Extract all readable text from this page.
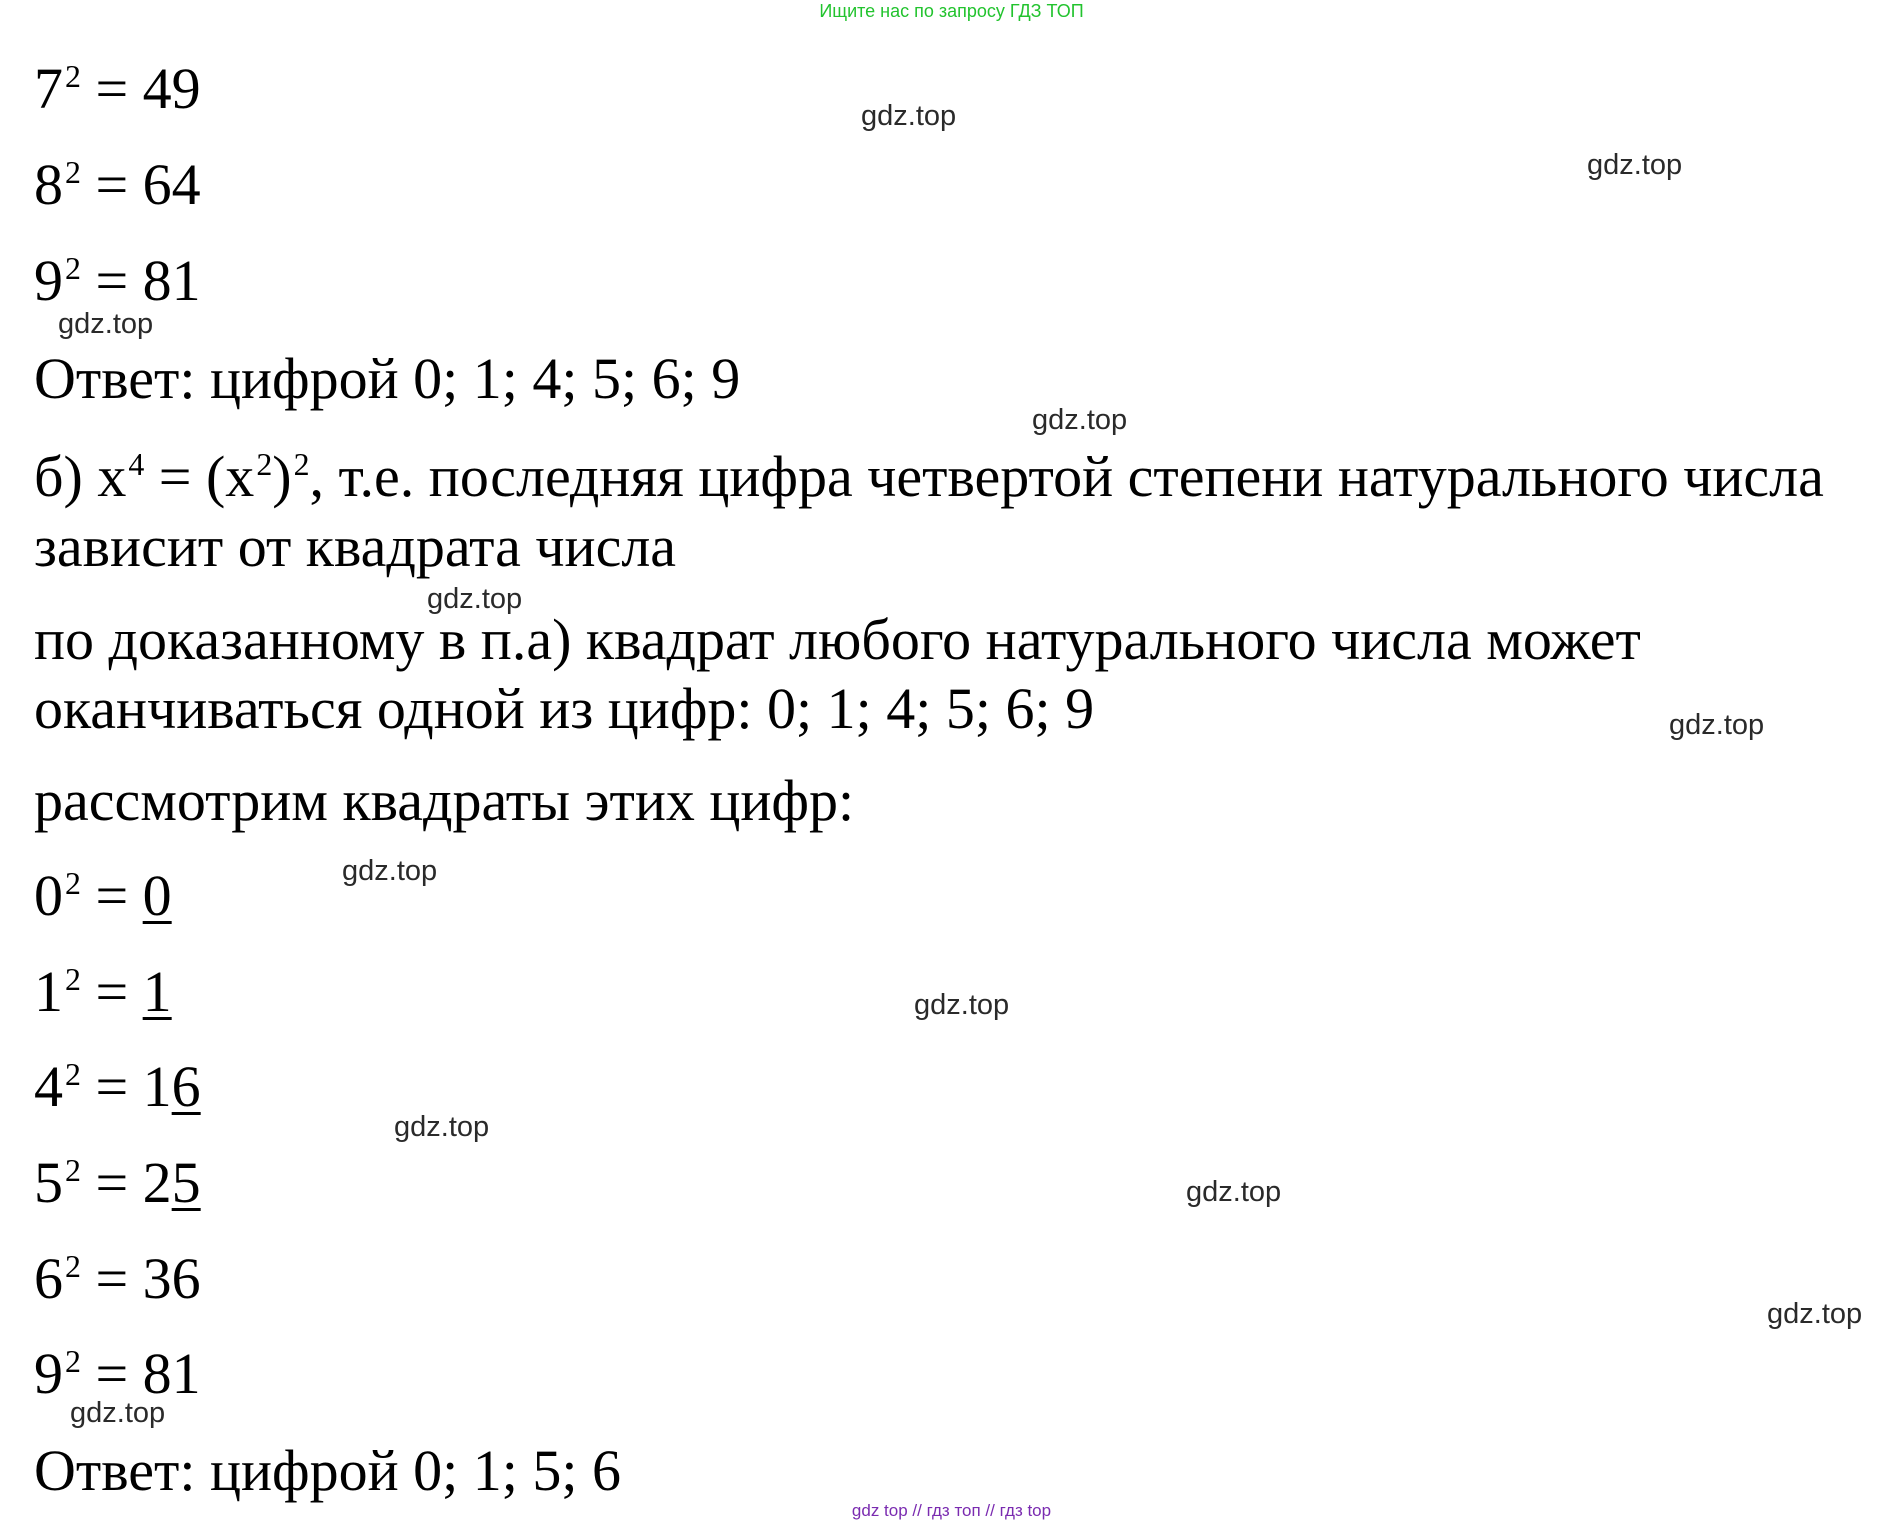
Ищите нас по запросу ГДЗ ТОП
$7^2 = 49$
$8^2 = 64$
$9^2 = 81$
Ответ: цифрой 0; 1; 4; 5; 6; 9
б) $x^4 = (x^2)^2$, т.е. последняя цифра четвертой степени натурального числа
зависит от квадрата числа
по доказанному в п.а) квадрат любого натурального числа может
оканчиваться одной из цифр: 0; 1; 4; 5; 6; 9
рассмотрим квадраты этих цифр:
$0^2 = 0$
$1^2 = 1$
$4^2 = 16$
$5^2 = 25$
$6^2 = 36$
$9^2 = 81$
Ответ: цифрой 0; 1; 5; 6
gdz.top
gdz.top
gdz.top
gdz.top
gdz.top
gdz.top
gdz.top
gdz.top
gdz.top
gdz.top
gdz.top
gdz.top
gdz top // гдз топ // гдз top
